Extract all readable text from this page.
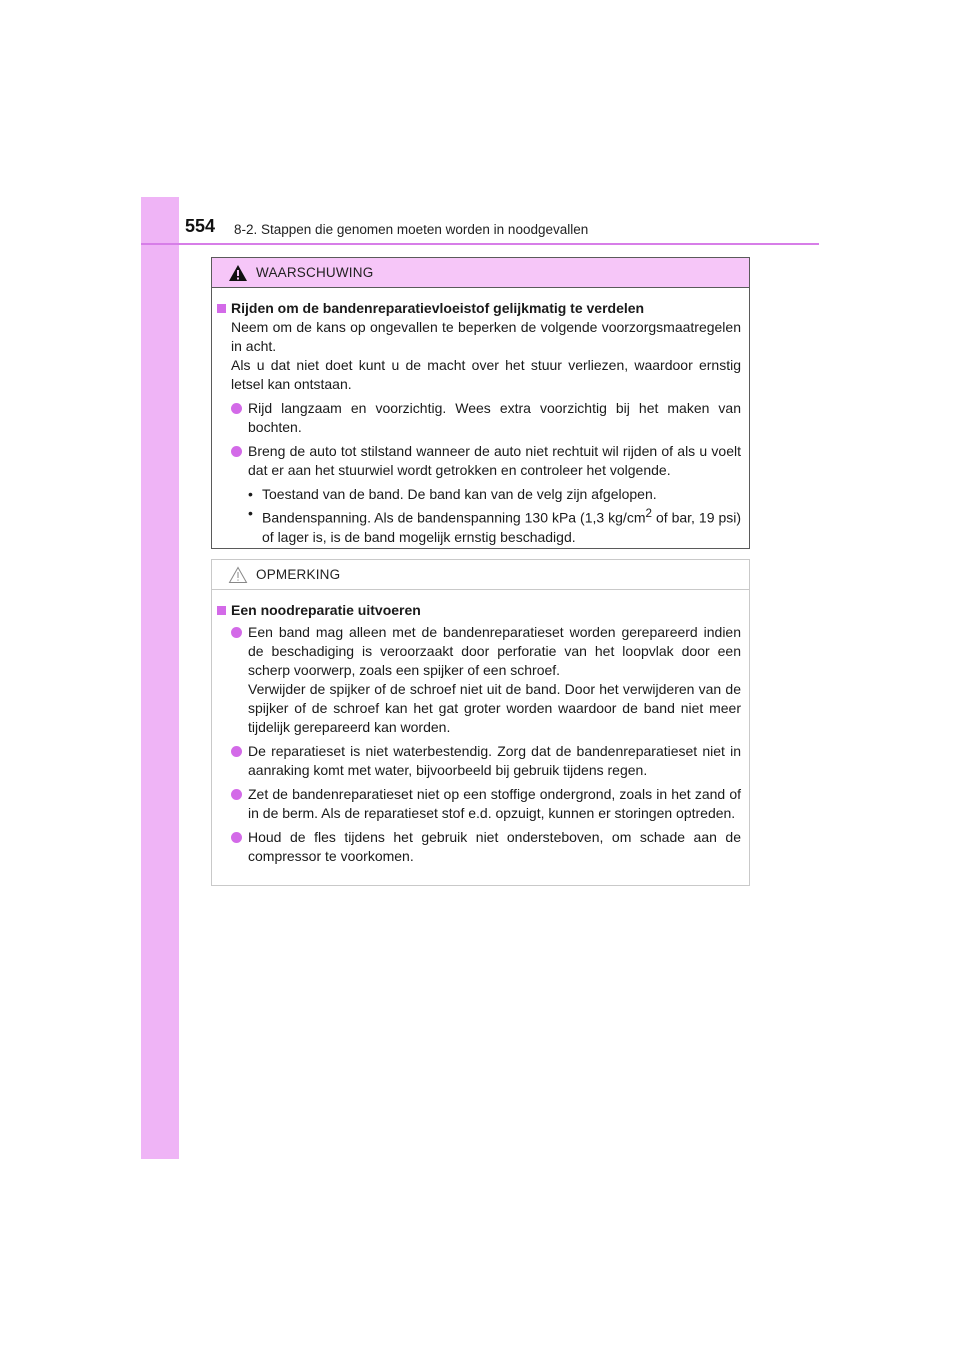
554 8-2. Stappen die genomen moeten worden in noodgevallen
WAARSCHUWING
Rijden om de bandenreparatievloeistof gelijkmatig te verdelen
Neem om de kans op ongevallen te beperken de volgende voorzorgsmaatregelen in acht.
Als u dat niet doet kunt u de macht over het stuur verliezen, waardoor ernstig letsel kan ontstaan.
Rijd langzaam en voorzichtig. Wees extra voorzichtig bij het maken van bochten.
Breng de auto tot stilstand wanneer de auto niet rechtuit wil rijden of als u voelt dat er aan het stuurwiel wordt getrokken en controleer het volgende.
• Toestand van de band. De band kan van de velg zijn afgelopen.
• Bandenspanning. Als de bandenspanning 130 kPa (1,3 $kg/cm^2$ of bar, 19 psi) of lager is, is de band mogelijk ernstig beschadigd.
OPMERKING
Een noodreparatie uitvoeren
Een band mag alleen met de bandenreparatieset worden gerepareerd indien de beschadiging is veroorzaakt door perforatie van het loopvlak door een scherp voorwerp, zoals een spijker of een schroef.
Verwijder de spijker of de schroef niet uit de band. Door het verwijderen van de spijker of de schroef kan het gat groter worden waardoor de band niet meer tijdelijk gerepareerd kan worden.
De reparatieset is niet waterbestendig. Zorg dat de bandenreparatieset niet in aanraking komt met water, bijvoorbeeld bij gebruik tijdens regen.
Zet de bandenreparatieset niet op een stoffige ondergrond, zoals in het zand of in de berm. Als de reparatieset stof e.d. opzuigt, kunnen er storingen optreden.
Houd de fles tijdens het gebruik niet ondersteboven, om schade aan de compressor te voorkomen.
